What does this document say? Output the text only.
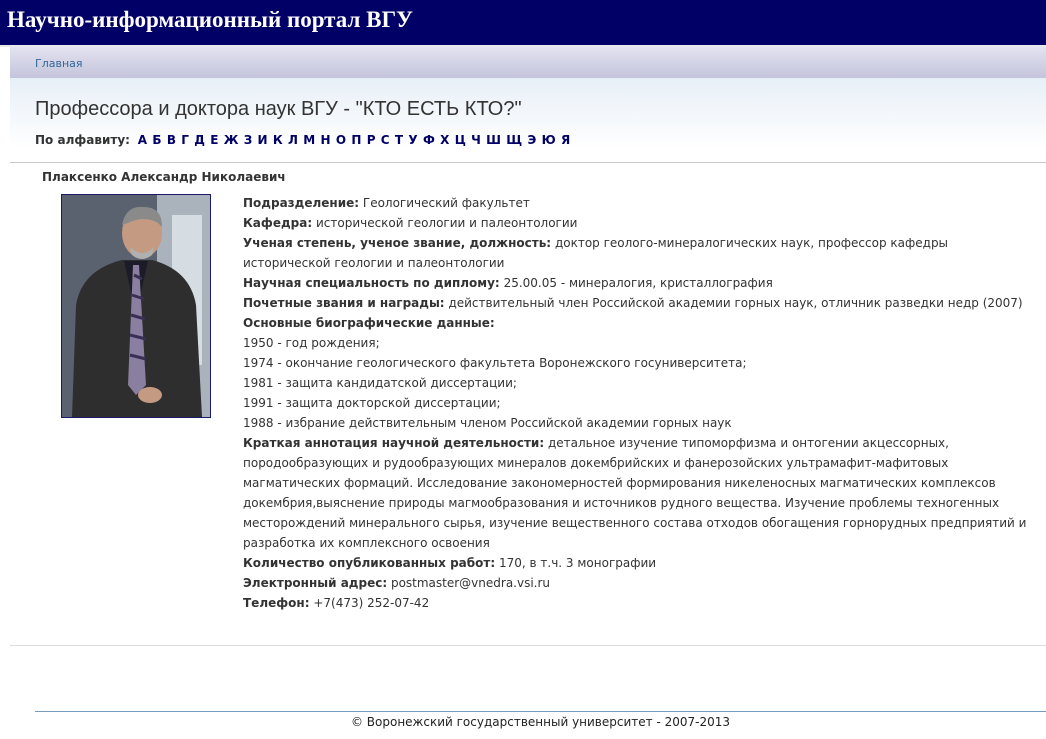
Научно-информационный портал ВГУ
Главная
Профессора и доктора наук ВГУ - "КТО ЕСТЬ КТО?"
По алфавиту: А Б В Г Д Е Ж З И К Л М Н О П Р С Т У Ф Х Ц Ч Ш Щ Э Ю Я
Плаксенко Александр Николаевич

Подразделение: Геологический факультет

Кафедра: исторической геологии и палеонтологии

Ученая степень, ученое звание, должность: доктор геолого-минералогических наук, профессор кафедры исторической геологии и палеонтологии

Научная специальность по диплому: 25.00.05 - минералогия, кристаллография

Почетные звания и награды: действительный член Российской академии горных наук, отличник разведки недр (2007)

Основные биографические данные:

1950 - год рождения;

1974 - окончание геологического факультета Воронежского госуниверситета;

1981 - защита кандидатской диссертации;

1991 - защита докторской диссертации;

1988 - избрание действительным членом Российской академии горных наук

Краткая аннотация научной деятельности: детальное изучение типоморфизма и онтогении акцессорных, породообразующих и рудообразующих минералов докембрийских и фанерозойских ультрамафит-мафитовых магматических формаций. Исследование закономерностей формирования никеленосных магматических комплексов докембрия,выяснение природы магмообразования и источников рудного вещества. Изучение проблемы техногенных месторождений минерального сырья, изучение вещественного состава отходов обогащения горнорудных предприятий и разработка их комплексного освоения

Количество опубликованных работ: 170, в т.ч. 3 монографии

Электронный адрес: postmaster@vnedra.vsi.ru

Телефон: +7(473) 252-07-42

© Воронежский государственный университет - 2007-2013
